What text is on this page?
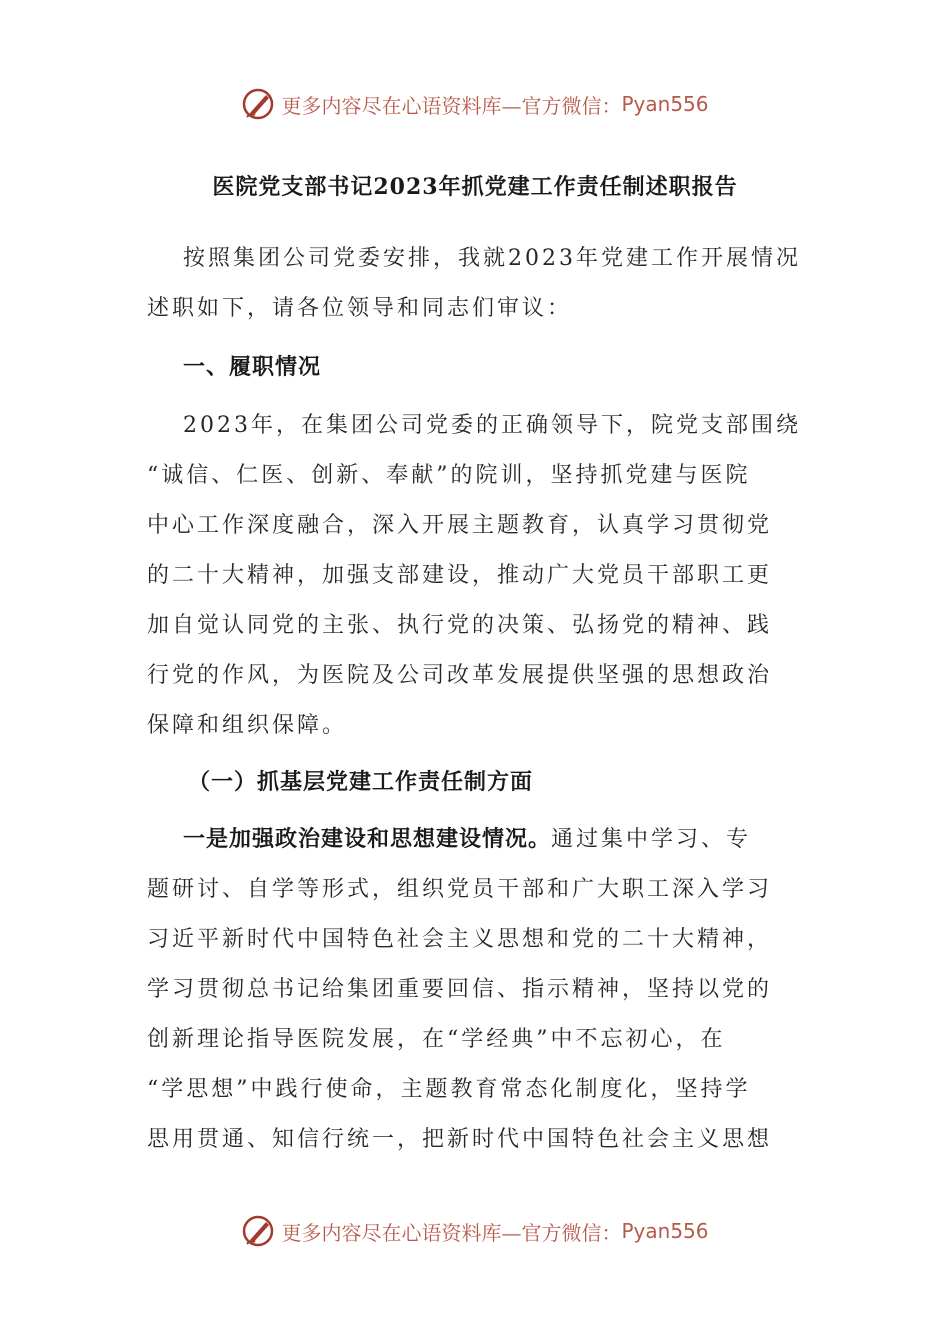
更多内容尽在心语资料库—官方微信： Pyan556
医院党支部书记2023年抓党建工作责任制述职报告
按照集团公司党委安排，我就2023年党建工作开展情况
述职如下，请各位领导和同志们审议：
一、履职情况
2023年，在集团公司党委的正确领导下，院党支部围绕
“诚信、仁医、创新、奉献”的院训，坚持抓党建与医院
中心工作深度融合，深入开展主题教育，认真学习贯彻党
的二十大精神，加强支部建设，推动广大党员干部职工更
加自觉认同党的主张、执行党的决策、弘扬党的精神、践
行党的作风，为医院及公司改革发展提供坚强的思想政治
保障和组织保障。
（一）抓基层党建工作责任制方面
一是加强政治建设和思想建设情况。通过集中学习、专
题研讨、自学等形式，组织党员干部和广大职工深入学习
习近平新时代中国特色社会主义思想和党的二十大精神，
学习贯彻总书记给集团重要回信、指示精神，坚持以党的
创新理论指导医院发展，在“学经典”中不忘初心，在
“学思想”中践行使命，主题教育常态化制度化，坚持学
思用贯通、知信行统一，把新时代中国特色社会主义思想
更多内容尽在心语资料库—官方微信： Pyan556
